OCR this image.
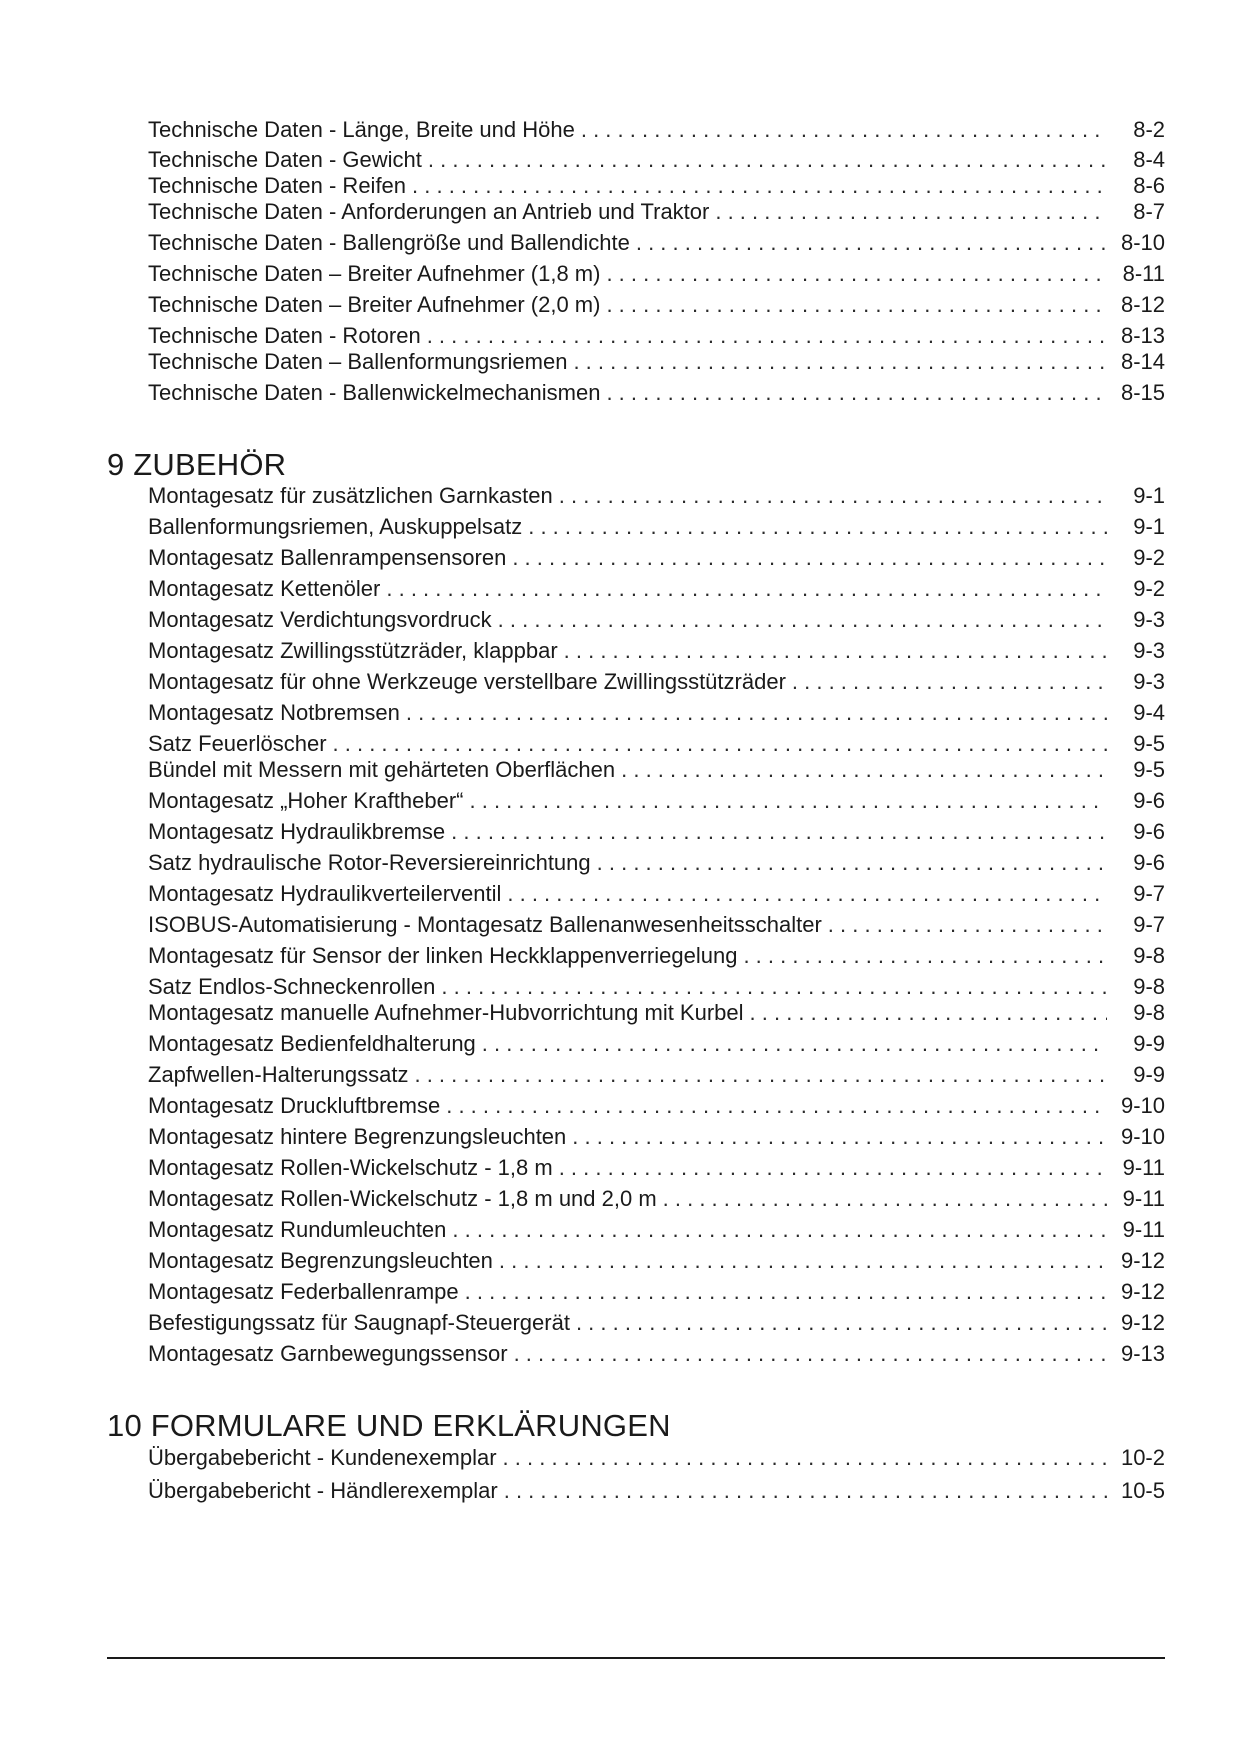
Technische Daten - Länge, Breite und Höhe . . .	8-2
Technische Daten - Gewicht . . .	8-4
Technische Daten - Reifen . . .	8-6
Technische Daten - Anforderungen an Antrieb und Traktor . . .	8-7
Technische Daten - Ballengröße und Ballendichte . . .	8-10
Technische Daten – Breiter Aufnehmer (1,8 m) . . .	8-11
Technische Daten – Breiter Aufnehmer (2,0 m) . . .	8-12
Technische Daten - Rotoren . . .	8-13
Technische Daten – Ballenformungsriemen . . .	8-14
Technische Daten - Ballenwickelmechanismen . . .	8-15
9 ZUBEHÖR
Montagesatz für zusätzlichen Garnkasten . . .	9-1
Ballenformungsriemen, Auskuppelsatz . . .	9-1
Montagesatz Ballenrampensensoren . . .	9-2
Montagesatz Kettenöler . . .	9-2
Montagesatz Verdichtungsvordruck . . .	9-3
Montagesatz Zwillingsstützräder, klappbar . . .	9-3
Montagesatz für ohne Werkzeuge verstellbare Zwillingsstützräder . . .	9-3
Montagesatz Notbremsen . . .	9-4
Satz Feuerlöscher . . .	9-5
Bündel mit Messern mit gehärteten Oberflächen . . .	9-5
Montagesatz „Hoher Kraftheber“ . . .	9-6
Montagesatz Hydraulikbremse . . .	9-6
Satz hydraulische Rotor-Reversiereinrichtung . . .	9-6
Montagesatz Hydraulikverteilerventil . . .	9-7
ISOBUS-Automatisierung - Montagesatz Ballenanwesenheitsschalter . . .	9-7
Montagesatz für Sensor der linken Heckklappenverriegelung . . .	9-8
Satz Endlos-Schneckenrollen . . .	9-8
Montagesatz manuelle Aufnehmer-Hubvorrichtung mit Kurbel . . .	9-8
Montagesatz Bedienfeldhalterung . . .	9-9
Zapfwellen-Halterungssatz . . .	9-9
Montagesatz Druckluftbremse . . .	9-10
Montagesatz hintere Begrenzungsleuchten . . .	9-10
Montagesatz Rollen-Wickelschutz - 1,8 m . . .	9-11
Montagesatz Rollen-Wickelschutz - 1,8 m und 2,0 m . . .	9-11
Montagesatz Rundumleuchten . . .	9-11
Montagesatz Begrenzungsleuchten . . .	9-12
Montagesatz Federballenrampe . . .	9-12
Befestigungssatz für Saugnapf-Steuergerät . . .	9-12
Montagesatz Garnbewegungssensor . . .	9-13
10 FORMULARE UND ERKLÄRUNGEN
Übergabebericht - Kundenexemplar . . .	10-2
Übergabebericht - Händlerexemplar . . .	10-5
